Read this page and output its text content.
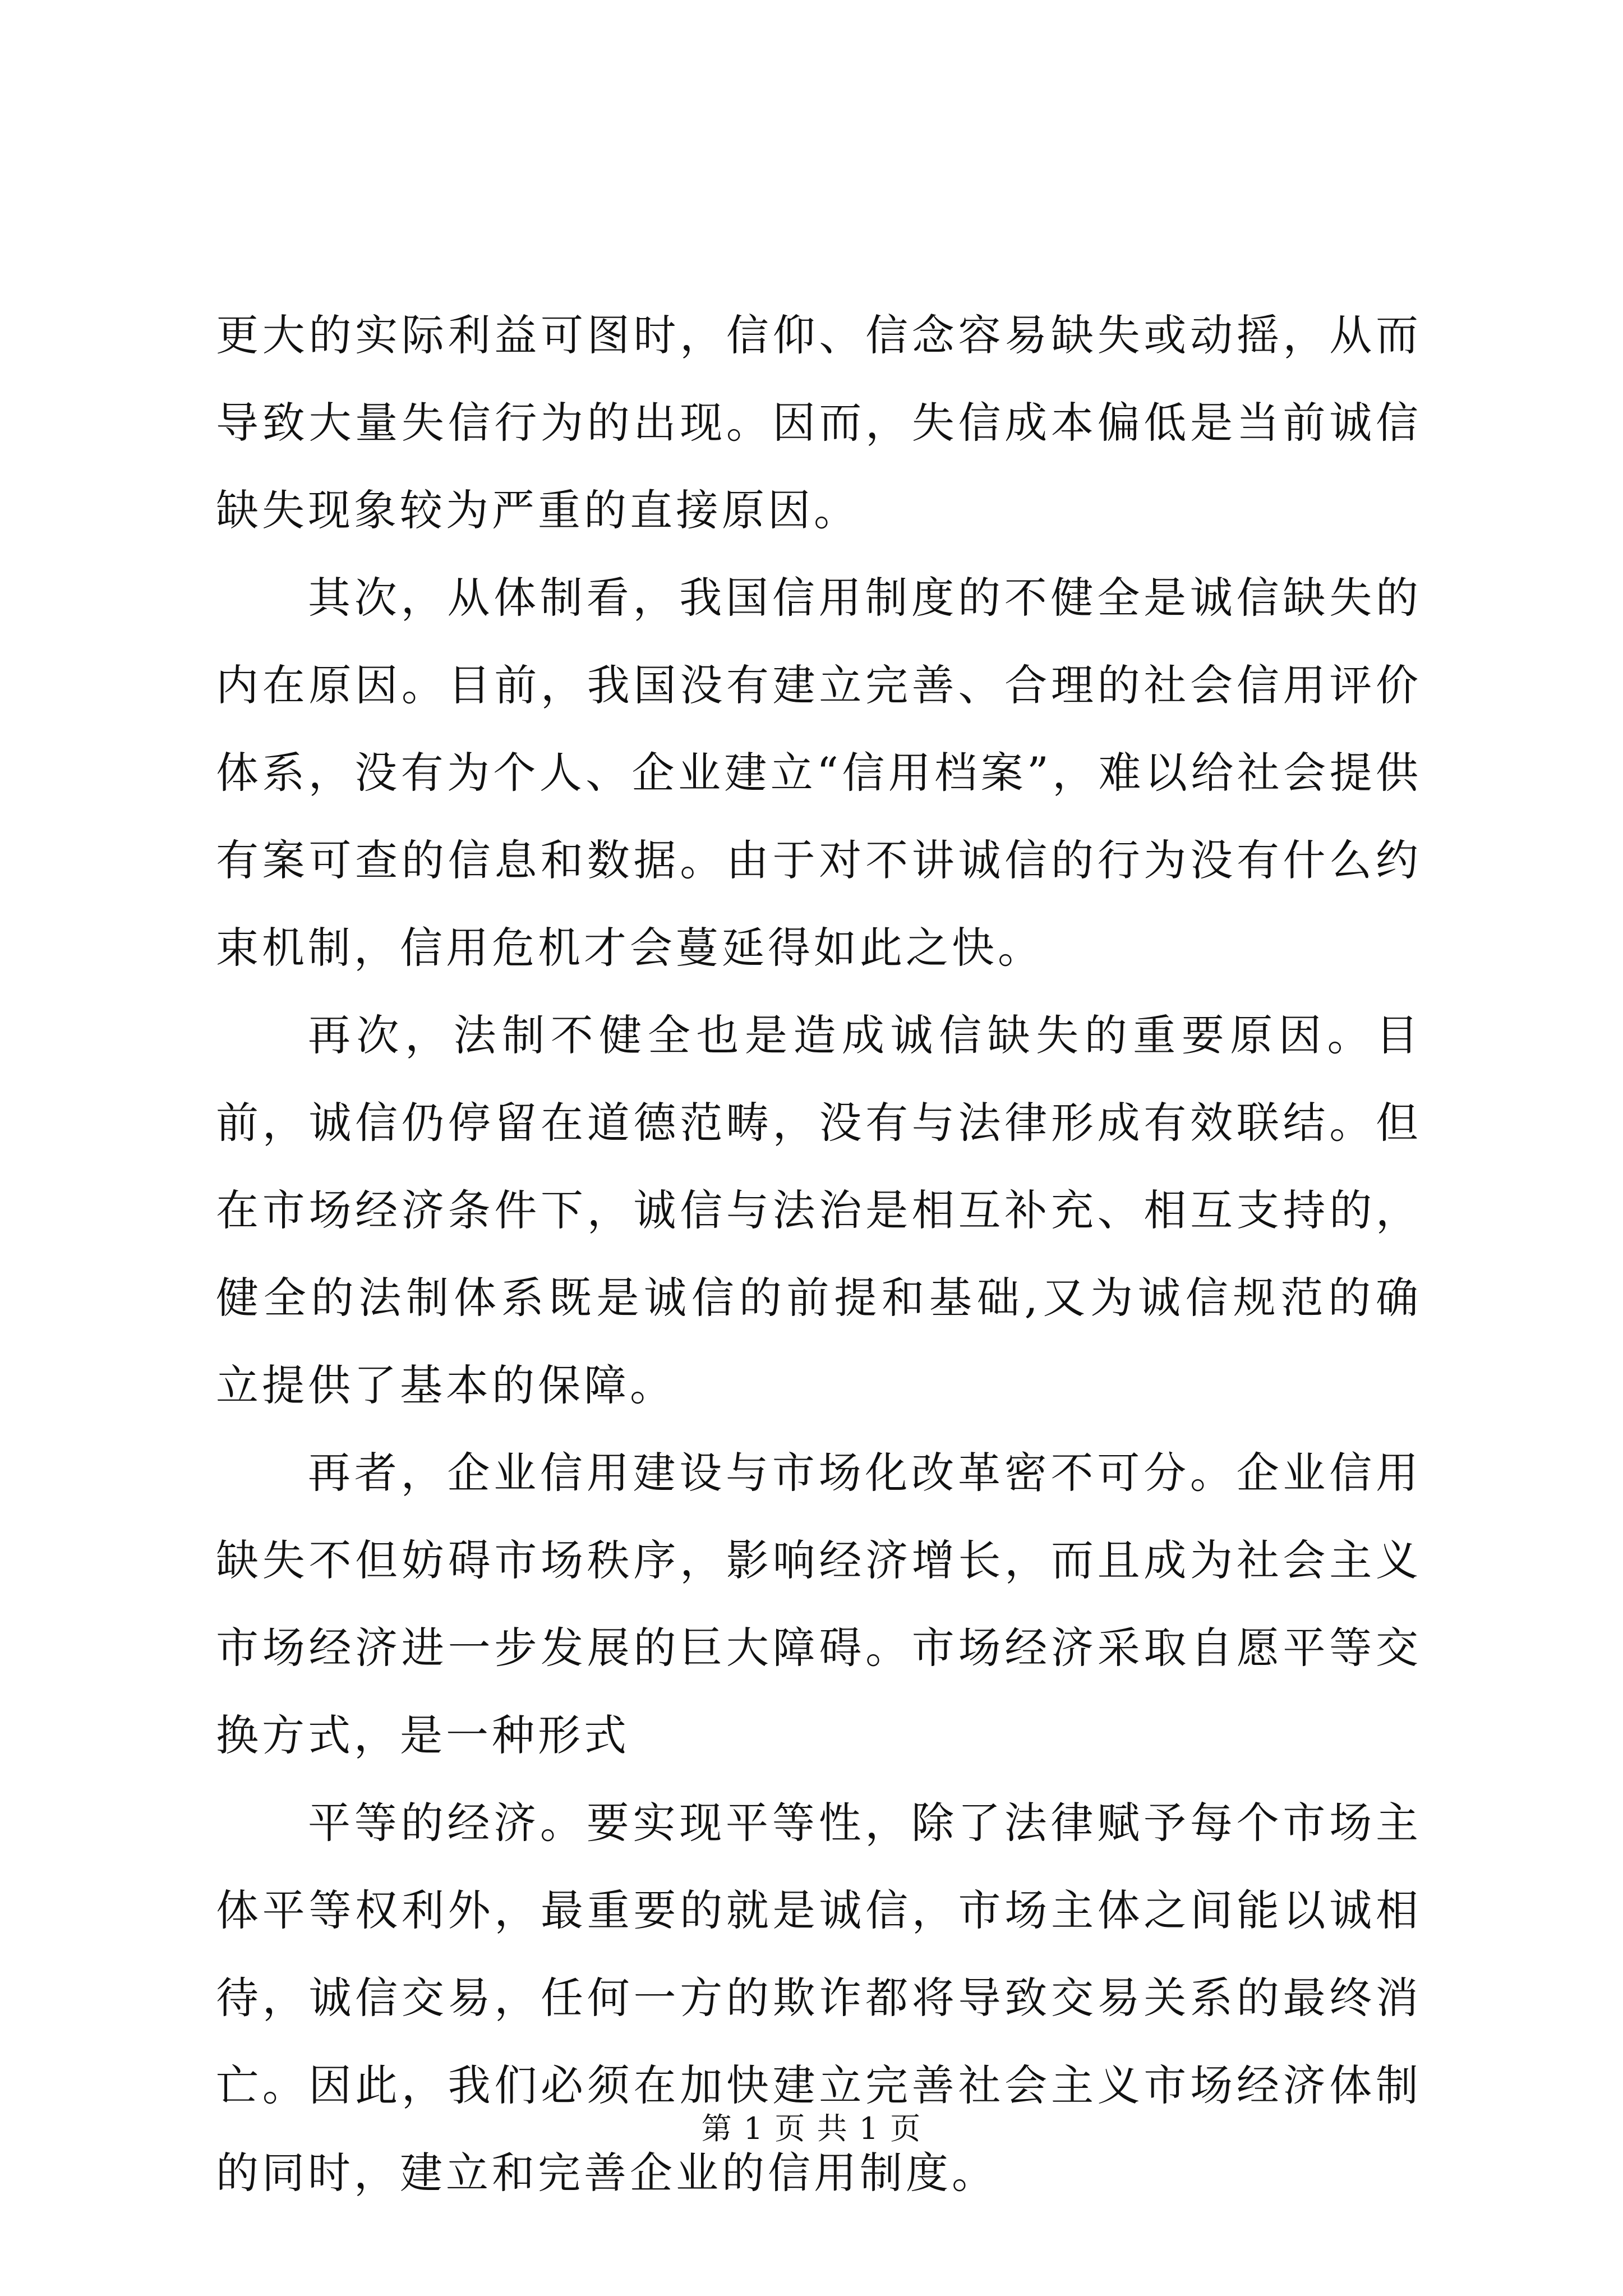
更大的实际利益可图时，信仰、信念容易缺失或动摇，从而导致大量失信行为的出现。因而，失信成本偏低是当前诚信缺失现象较为严重的直接原因。

其次，从体制看，我国信用制度的不健全是诚信缺失的内在原因。目前，我国没有建立完善、合理的社会信用评价体系，没有为个人、企业建立“信用档案”，难以给社会提供有案可查的信息和数据。由于对不讲诚信的行为没有什么约束机制，信用危机才会蔓延得如此之快。

再次，法制不健全也是造成诚信缺失的重要原因。目前，诚信仍停留在道德范畴，没有与法律形成有效联结。但在市场经济条件下，诚信与法治是相互补充、相互支持的，健全的法制体系既是诚信的前提和基础,又为诚信规范的确立提供了基本的保障。

再者，企业信用建设与市场化改革密不可分。企业信用缺失不但妨碍市场秩序，影响经济增长，而且成为社会主义市场经济进一步发展的巨大障碍。市场经济采取自愿平等交换方式，是一种形式

平等的经济。要实现平等性，除了法律赋予每个市场主体平等权利外，最重要的就是诚信，市场主体之间能以诚相待，诚信交易，任何一方的欺诈都将导致交易关系的最终消亡。因此，我们必须在加快建立完善社会主义市场经济体制的同时，建立和完善企业的信用制度。

第 1 页 共 1 页
